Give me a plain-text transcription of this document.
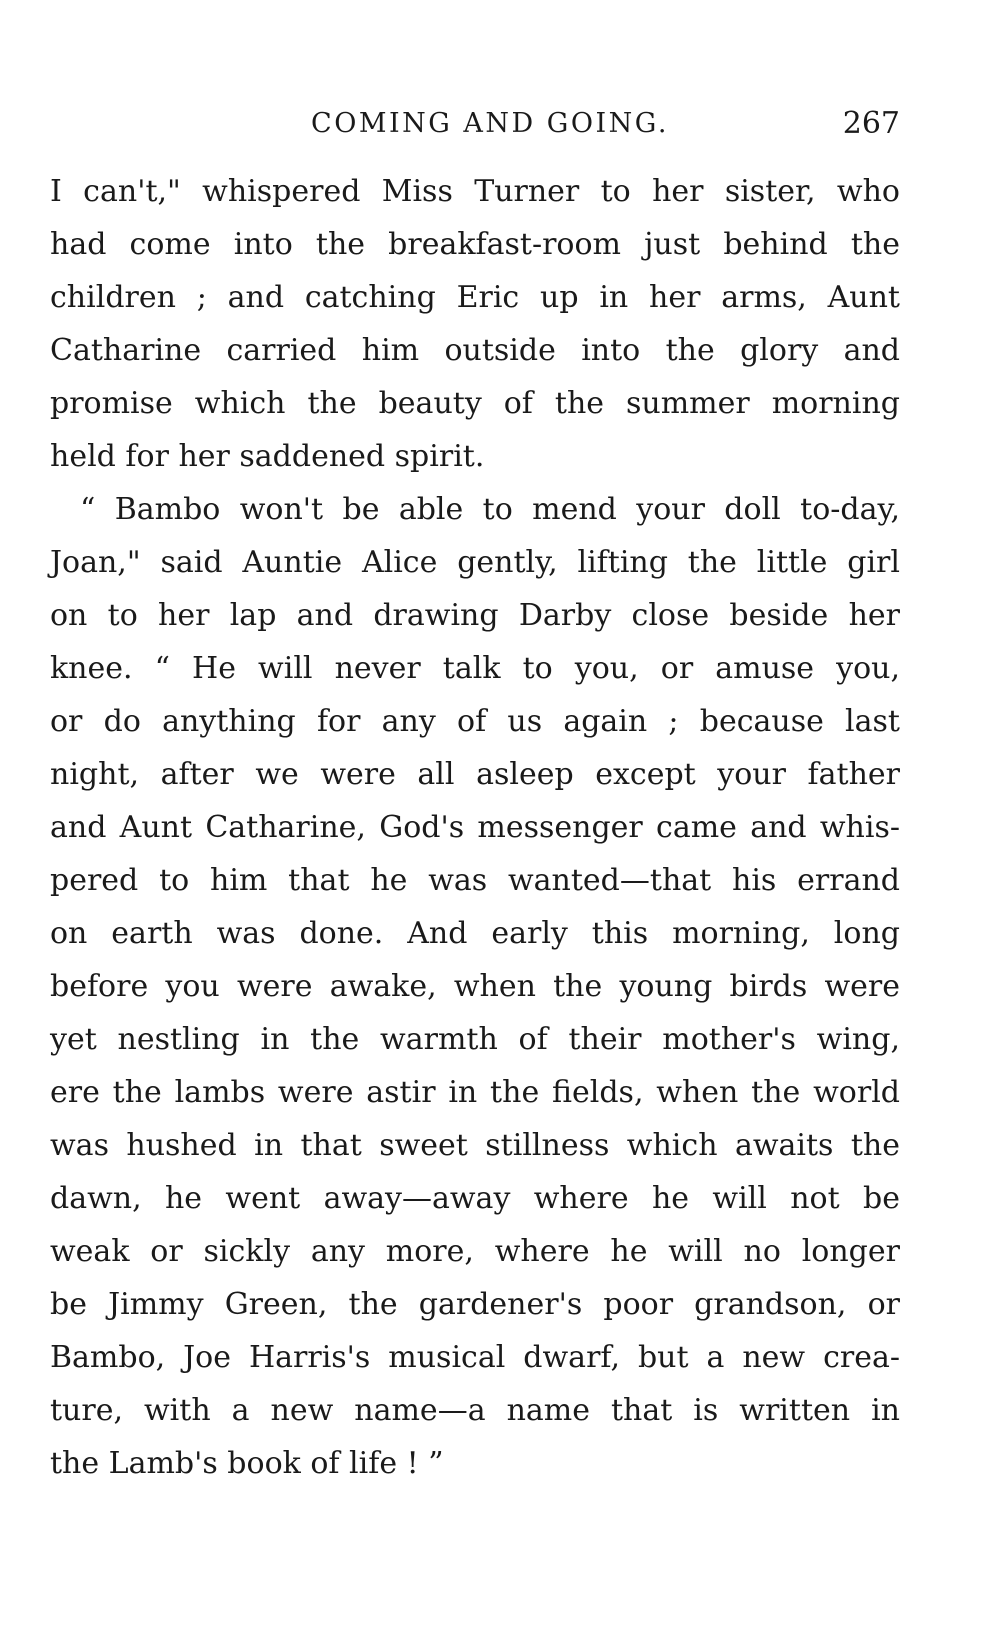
COMING AND GOING.	267
I can't," whispered Miss Turner to her sister, who
had come into the breakfast-room just behind the
children ; and catching Eric up in her arms, Aunt
Catharine carried him outside into the glory and
promise which the beauty of the summer morning
held for her saddened spirit.
“ Bambo won't be able to mend your doll to-day,
Joan," said Auntie Alice gently, lifting the little girl
on to her lap and drawing Darby close beside her
knee. “ He will never talk to you, or amuse you,
or do anything for any of us again ; because last
night, after we were all asleep except your father
and Aunt Catharine, God's messenger came and whis-
pered to him that he was wanted—that his errand
on earth was done. And early this morning, long
before you were awake, when the young birds were
yet nestling in the warmth of their mother's wing,
ere the lambs were astir in the fields, when the world
was hushed in that sweet stillness which awaits the
dawn, he went away—away where he will not be
weak or sickly any more, where he will no longer
be Jimmy Green, the gardener's poor grandson, or
Bambo, Joe Harris's musical dwarf, but a new crea-
ture, with a new name—a name that is written in
the Lamb's book of life ! ”
